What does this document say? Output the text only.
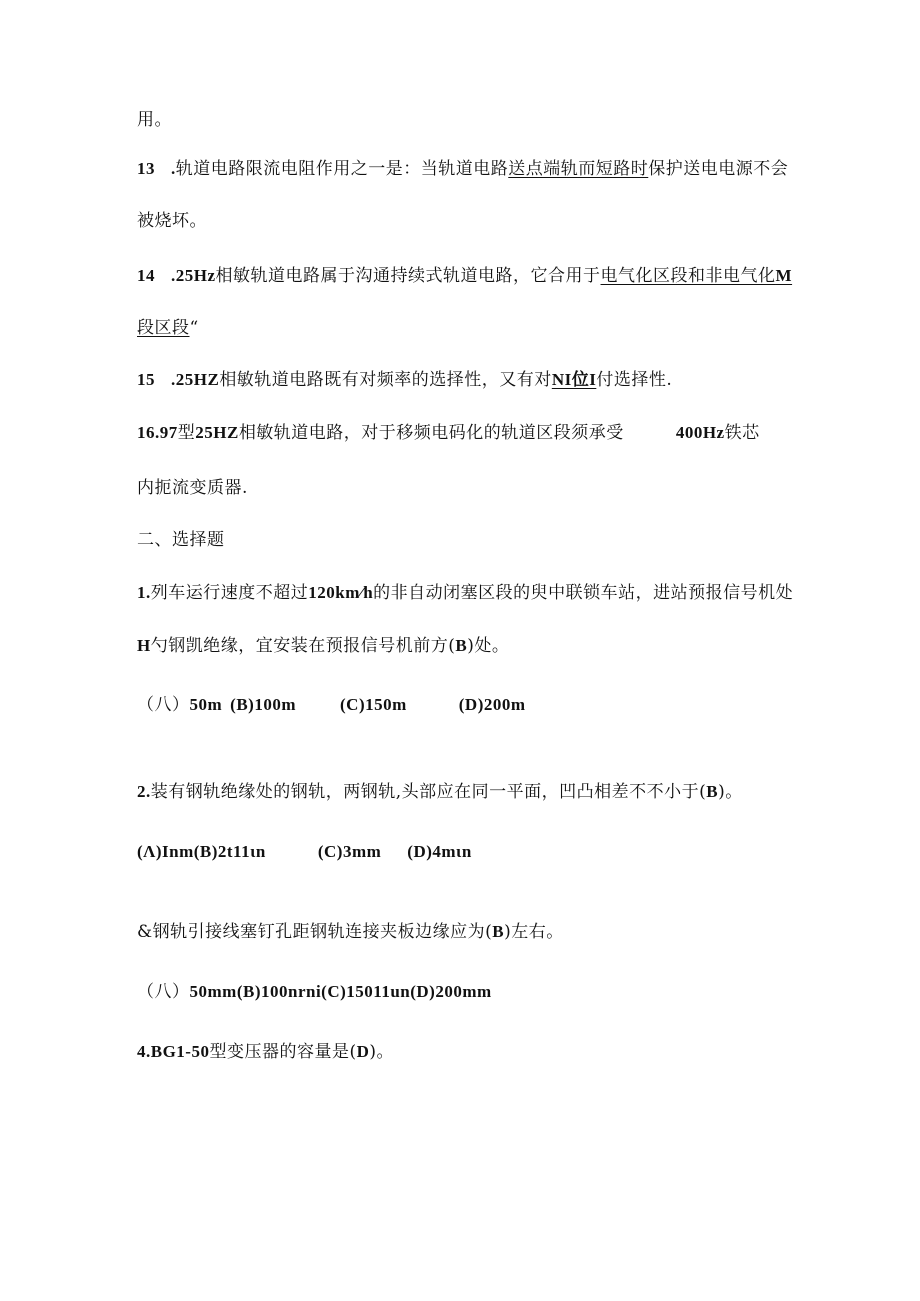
用。
13 .轨道电路限流电阻作用之一是：当轨道电路送点端轨而短路时保护送电电源不会
被烧坏。
14 .25Hz相敏轨道电路属于沟通持续式轨道电路，它合用于电气化区段和非电气化M
段区段“
15 .25HZ相敏轨道电路既有对频率的选择性，又有对NI位I付选择性.
16.97型25HZ相敏轨道电路，对于移频电码化的轨道区段须承受	400Hz铁芯
内扼流变质器.
二、选择题
1.列车运行速度不超过120km⁄h的非自动闭塞区段的臾中联锁车站，进站预报信号机处
H勺钢凯绝缘，宜安装在预报信号机前方(B)处。
（八）50m (B)100m	(C)150m	(D)200m
2.装有钢轨绝缘处的钢轨，两钢轨,头部应在同一平面，凹凸相差不不小于(B)。
(Λ)Inm(B)2t11ιn	(C)3mm (D)4mιn
&钢轨引接线塞钉孔距钢轨连接夹板边缘应为(B)左右。
（八）50mm(B)100nrni(C)15011un(D)200mm
4.BG1-50型变压器的容量是(D)。
